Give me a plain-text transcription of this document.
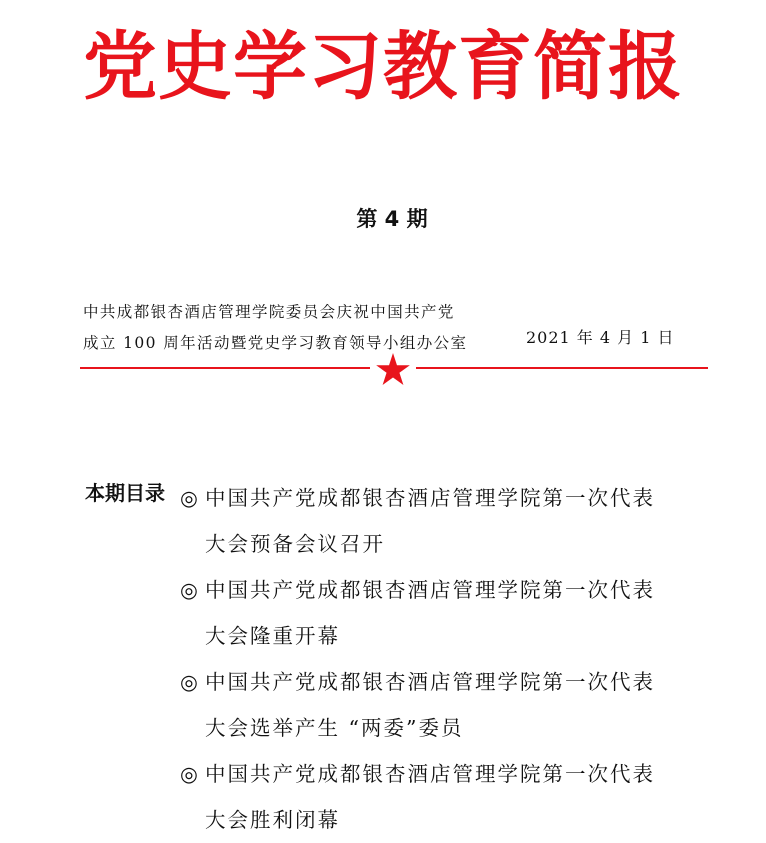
党史学习教育简报
第 4 期
中共成都银杏酒店管理学院委员会庆祝中国共产党
成立 100 周年活动暨党史学习教育领导小组办公室	2021 年 4 月 1 日
本期目录 ◎ 中国共产党成都银杏酒店管理学院第一次代表
大会预备会议召开
◎ 中国共产党成都银杏酒店管理学院第一次代表
大会隆重开幕
◎ 中国共产党成都银杏酒店管理学院第一次代表
大会选举产生 “两委”委员
◎ 中国共产党成都银杏酒店管理学院第一次代表
大会胜利闭幕
